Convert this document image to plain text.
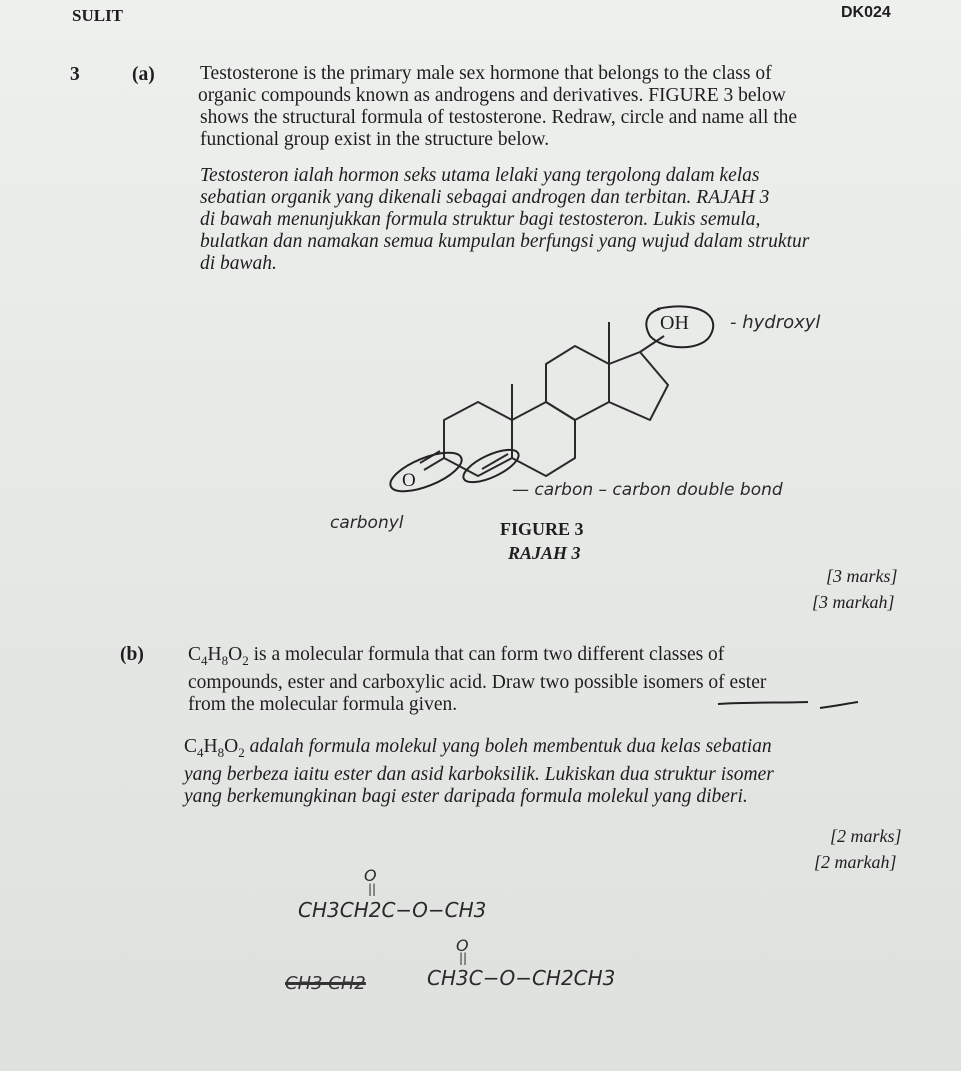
SULIT	DK024
3	(a) Testosterone is the primary male sex hormone that belongs to the class of
organic compounds known as androgens and derivatives. FIGURE 3 below
shows the structural formula of testosterone. Redraw, circle and name all the
functional group exist in the structure below.
Testosteron ialah hormon seks utama lelaki yang tergolong dalam kelas
sebatian organik yang dikenali sebagai androgen dan terbitan. RAJAH 3
di bawah menunjukkan formula struktur bagi testosteron. Lukis semula,
bulatkan dan namakan semua kumpulan berfungsi yang wujud dalam struktur
di bawah.
OH
O
- hydroxyl
carbonyl
— carbon – carbon double bond
FIGURE 3
RAJAH 3
[3 marks]
[3 markah]
(b) $C_4H_8O_2$ is a molecular formula that can form two different classes of
compounds, ester and carboxylic acid. Draw two possible isomers of ester
from the molecular formula given.
$C_4H_8O_2$ adalah formula molekul yang boleh membentuk dua kelas sebatian
yang berbeza iaitu ester dan asid karboksilik. Lukiskan dua struktur isomer
yang berkemungkinan bagi ester daripada formula molekul yang diberi.
[2 marks]
[2 markah]
O
||
CH3CH2C−O−CH3
O
||
CH3C−O−CH2CH3
CH3 CH2
